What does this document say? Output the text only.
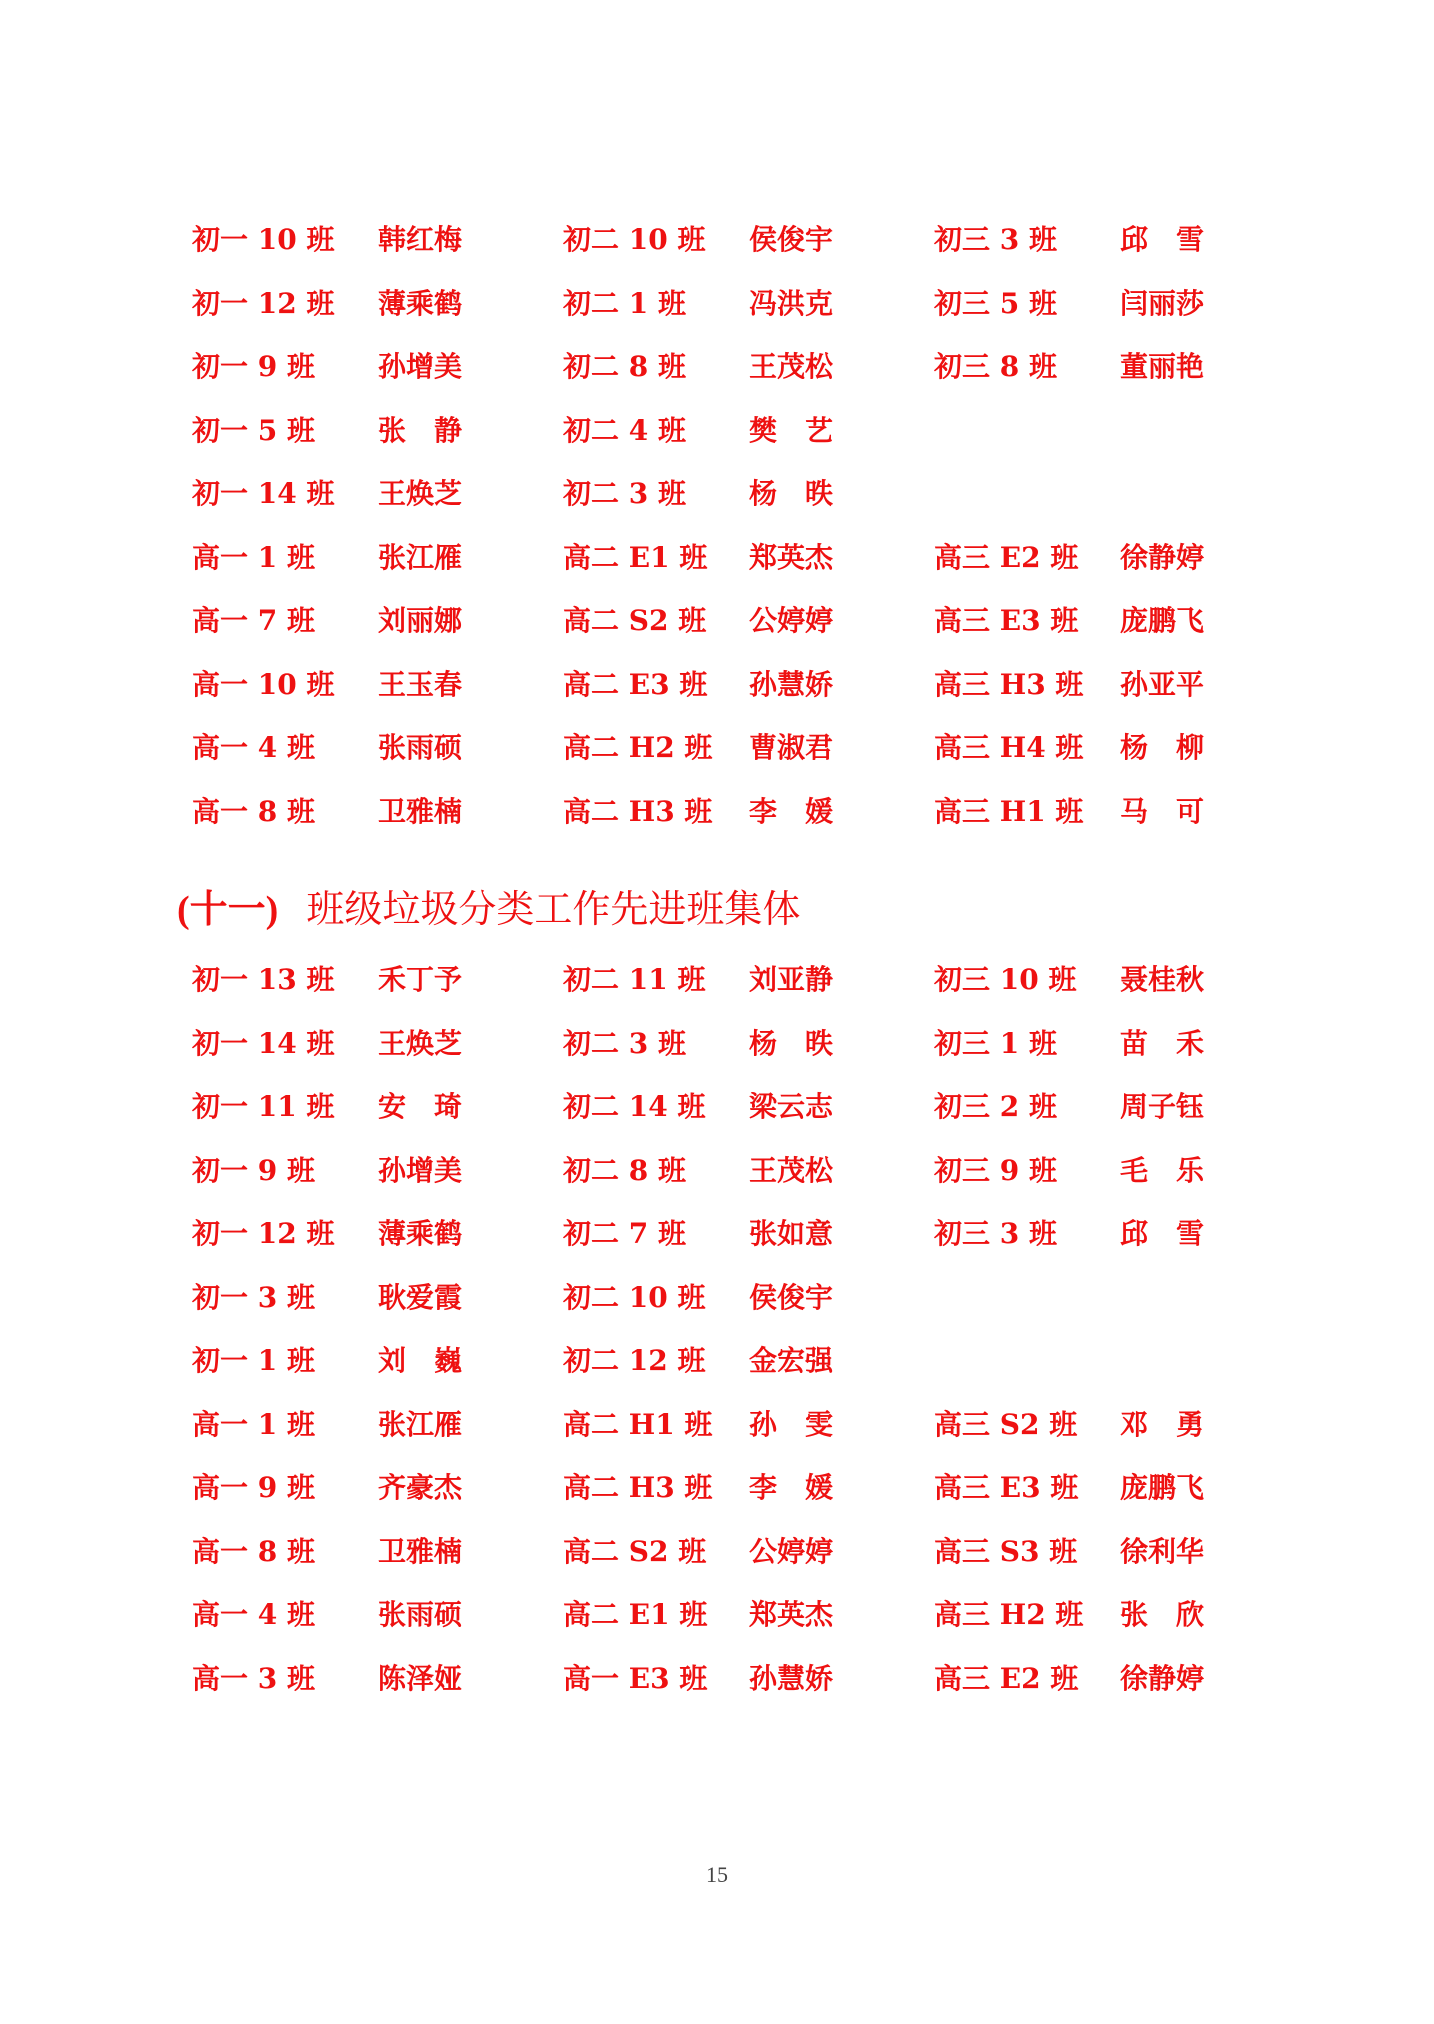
初一 10 班 韩红梅	初二 10 班 侯俊宇	初三 3 班 邱　雪
初一 12 班 薄乘鹤	初二 1 班 冯洪克	初三 5 班 闫丽莎
初一 9 班 孙增美	初二 8 班 王茂松	初三 8 班 董丽艳
初一 5 班 张　静	初二 4 班 樊　艺
初一 14 班 王焕芝	初二 3 班 杨　昳
高一 1 班 张江雁	高二 E1 班 郑英杰	高三 E2 班 徐静婷
高一 7 班 刘丽娜	高二 S2 班 公婷婷	高三 E3 班 庞鹏飞
高一 10 班 王玉春	高二 E3 班 孙慧娇	高三 H3 班 孙亚平
高一 4 班 张雨硕	高二 H2 班 曹淑君	高三 H4 班 杨　柳
高一 8 班 卫雅楠	高二 H3 班 李　媛	高三 H1 班 马　可
(十一) 班级垃圾分类工作先进班集体
初一 13 班 禾丁予	初二 11 班 刘亚静	初三 10 班 聂桂秋
初一 14 班 王焕芝	初二 3 班 杨　昳	初三 1 班 苗　禾
初一 11 班 安　琦	初二 14 班 梁云志	初三 2 班 周子钰
初一 9 班 孙增美	初二 8 班 王茂松	初三 9 班 毛　乐
初一 12 班 薄乘鹤	初二 7 班 张如意	初三 3 班 邱　雪
初一 3 班 耿爱霞	初二 10 班 侯俊宇
初一 1 班 刘　巍	初二 12 班 金宏强
高一 1 班 张江雁	高二 H1 班 孙　雯	高三 S2 班 邓　勇
高一 9 班 齐豪杰	高二 H3 班 李　媛	高三 E3 班 庞鹏飞
高一 8 班 卫雅楠	高二 S2 班 公婷婷	高三 S3 班 徐利华
高一 4 班 张雨硕	高二 E1 班 郑英杰	高三 H2 班 张　欣
高一 3 班 陈泽娅	高一 E3 班 孙慧娇	高三 E2 班 徐静婷
15
